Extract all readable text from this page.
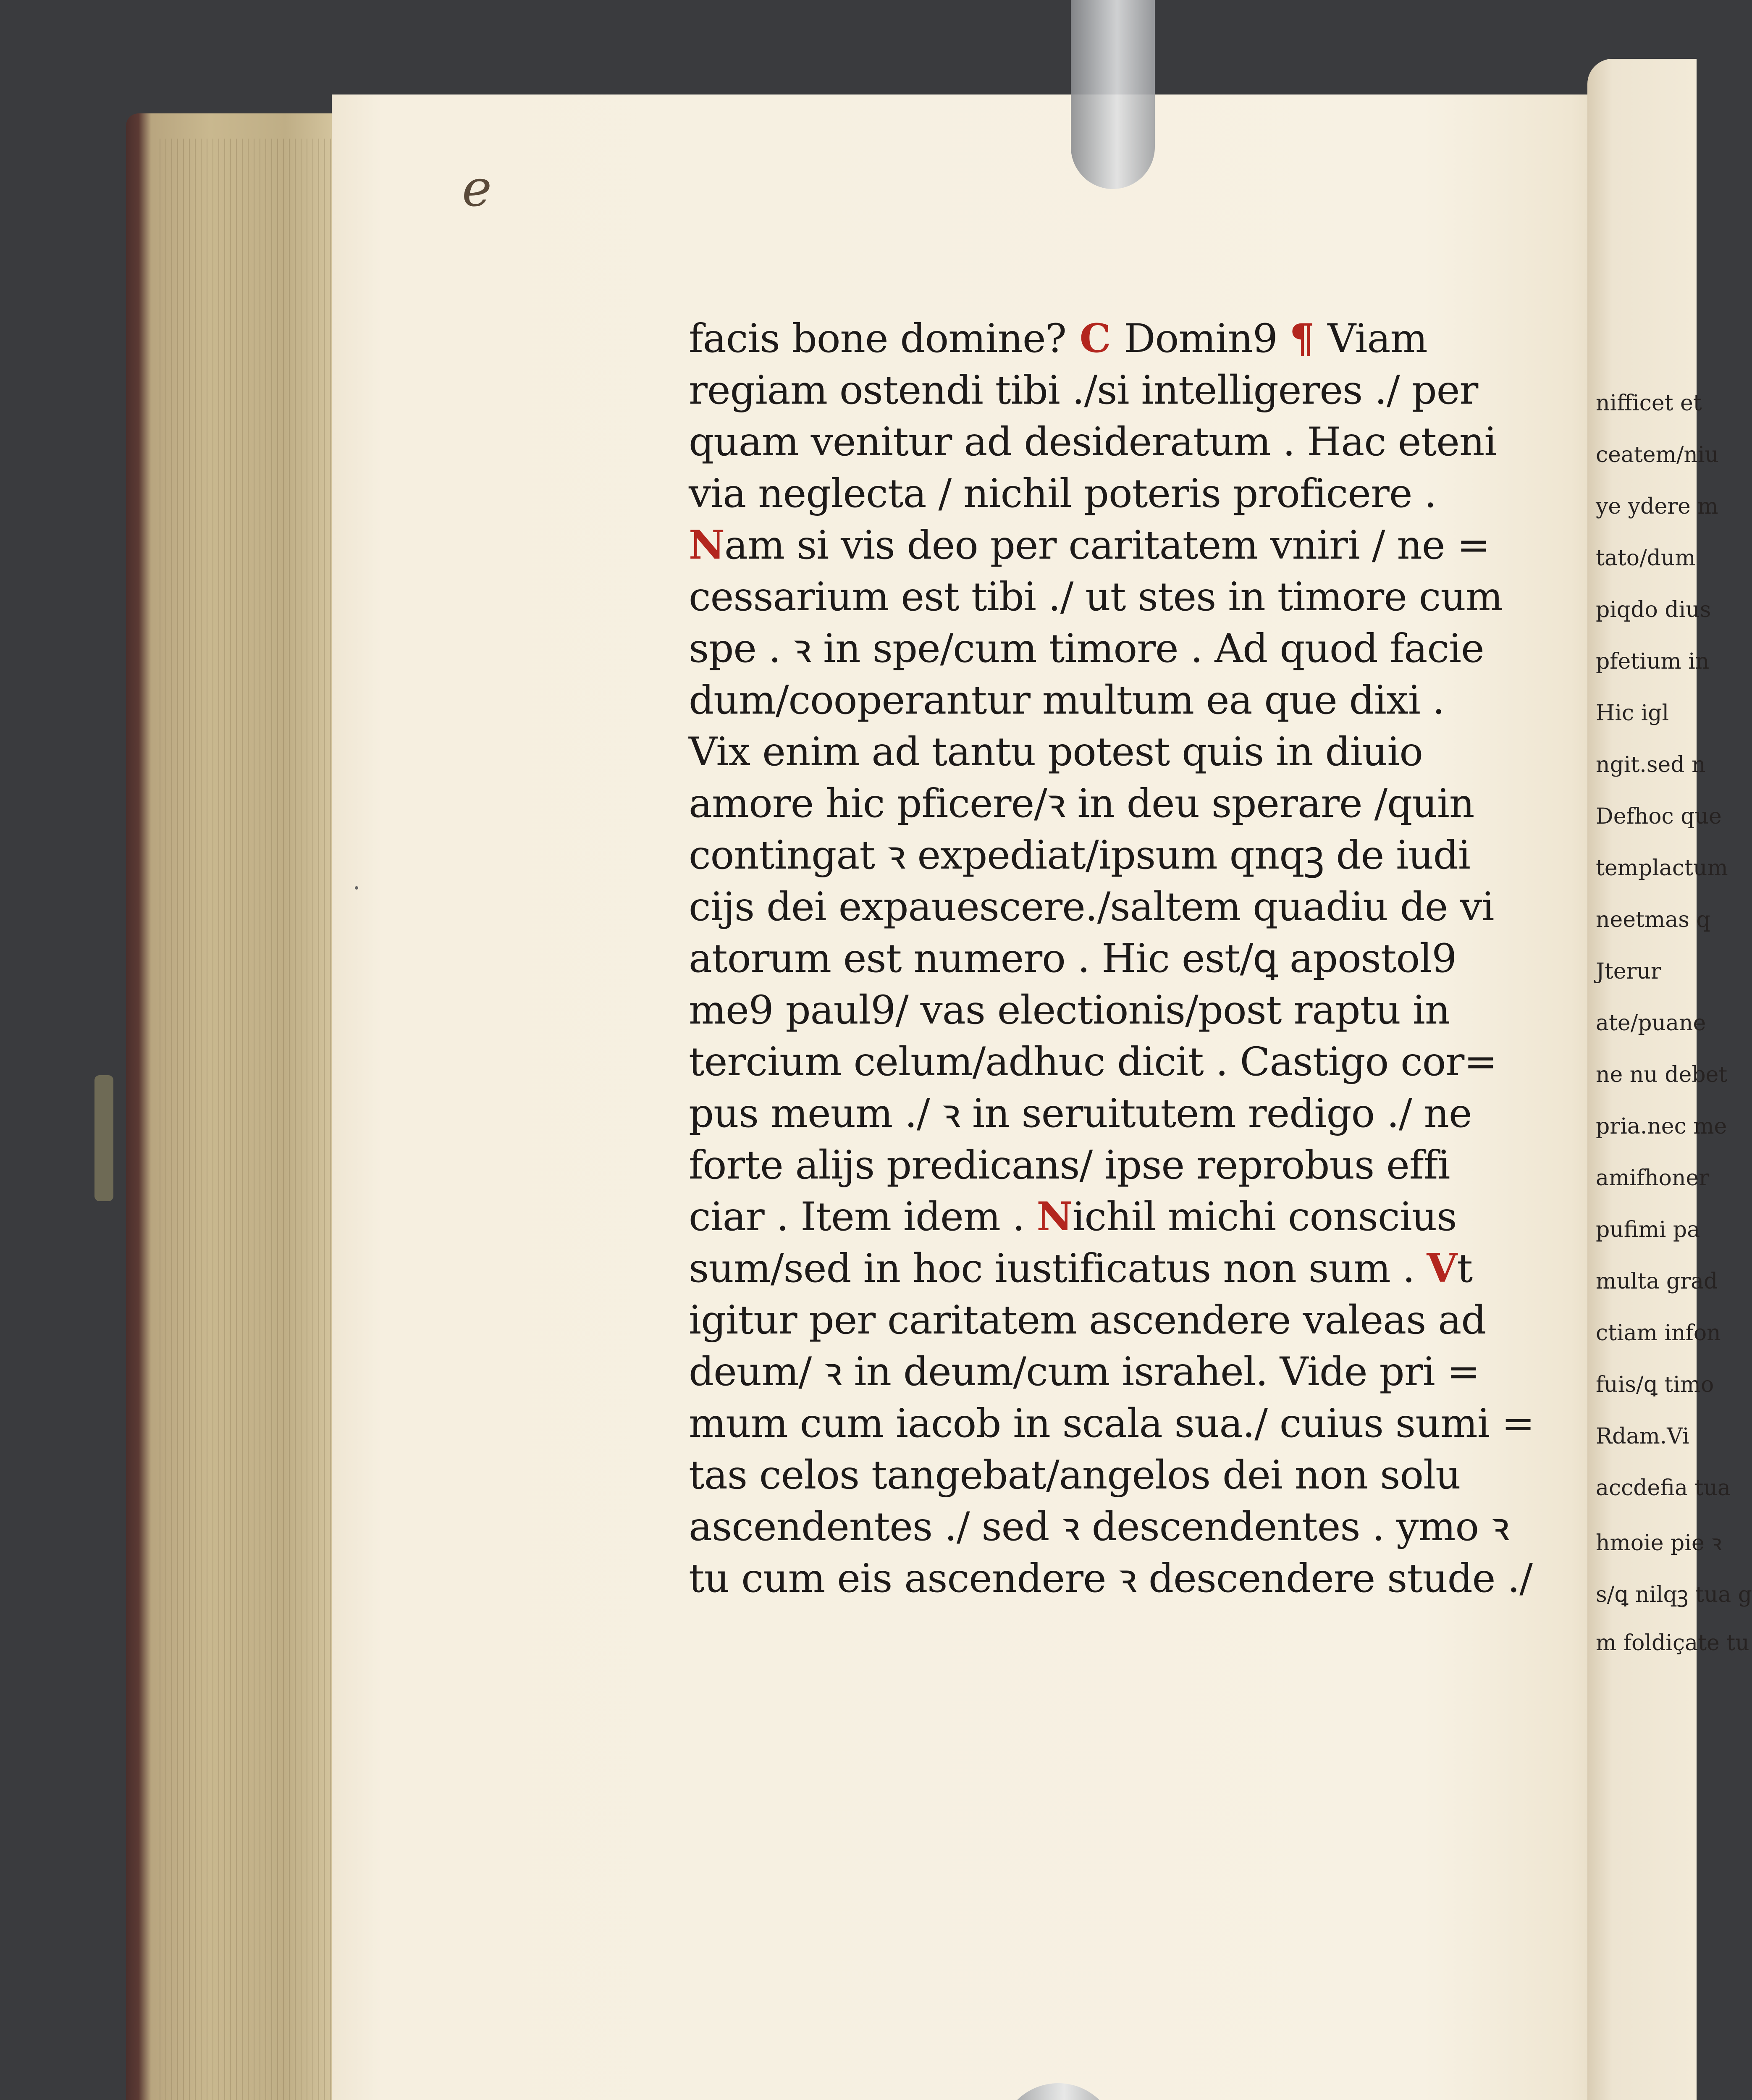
nifficet et
ceatem/niu
ye ydere m
tato/dum
piqdo dius
pfetium in
Hic igl
ngit.sed n
Defhoc que
templactum
neetmas q
Jterur
ate/puane
ne nu debet
pria.nec me
amifhoner
pufimi pa
multa grad
ctiam infon
fuis/ꝗ timo
Rdam.Vi
accdefia tua
hmoie pie ꝛ
s/ꝗ nilqꝫ tua g
m foldiçate tu
e
facis bone domine? C Domin9 ¶ Viam
regiam ostendi tibi ./si intelligeres ./ per
quam venitur ad desideratum . Hac eteni
via neglecta / nichil poteris proficere .
Nam si vis deo per caritatem vniri / ne =
cessarium est tibi ./ ut stes in timore cum
spe . ꝛ in spe/cum timore . Ad quod facie
dum/cooperantur multum ea que dixi .
Vix enim ad tantu potest quis in diuio
amore hic pficere/ꝛ in deu sperare /quin
contingat ꝛ expediat/ipsum qnqꝫ de iudi
cijs dei expauescere./saltem quadiu de vi
atorum est numero . Hic est/ꝗ apostol9
me9 paul9/ vas electionis/post raptu in
tercium celum/adhuc dicit . Castigo cor=
pus meum ./ ꝛ in seruitutem redigo ./ ne
forte alijs predicans/ ipse reprobus effi
ciar . Item idem . Nichil michi conscius
sum/sed in hoc iustificatus non sum . Vt
igitur per caritatem ascendere valeas ad
deum/ ꝛ in deum/cum israhel. Vide pri =
mum cum iacob in scala sua./ cuius sumi =
tas celos tangebat/angelos dei non solu
ascendentes ./ sed ꝛ descendentes . ymo ꝛ
tu cum eis ascendere ꝛ descendere stude ./
